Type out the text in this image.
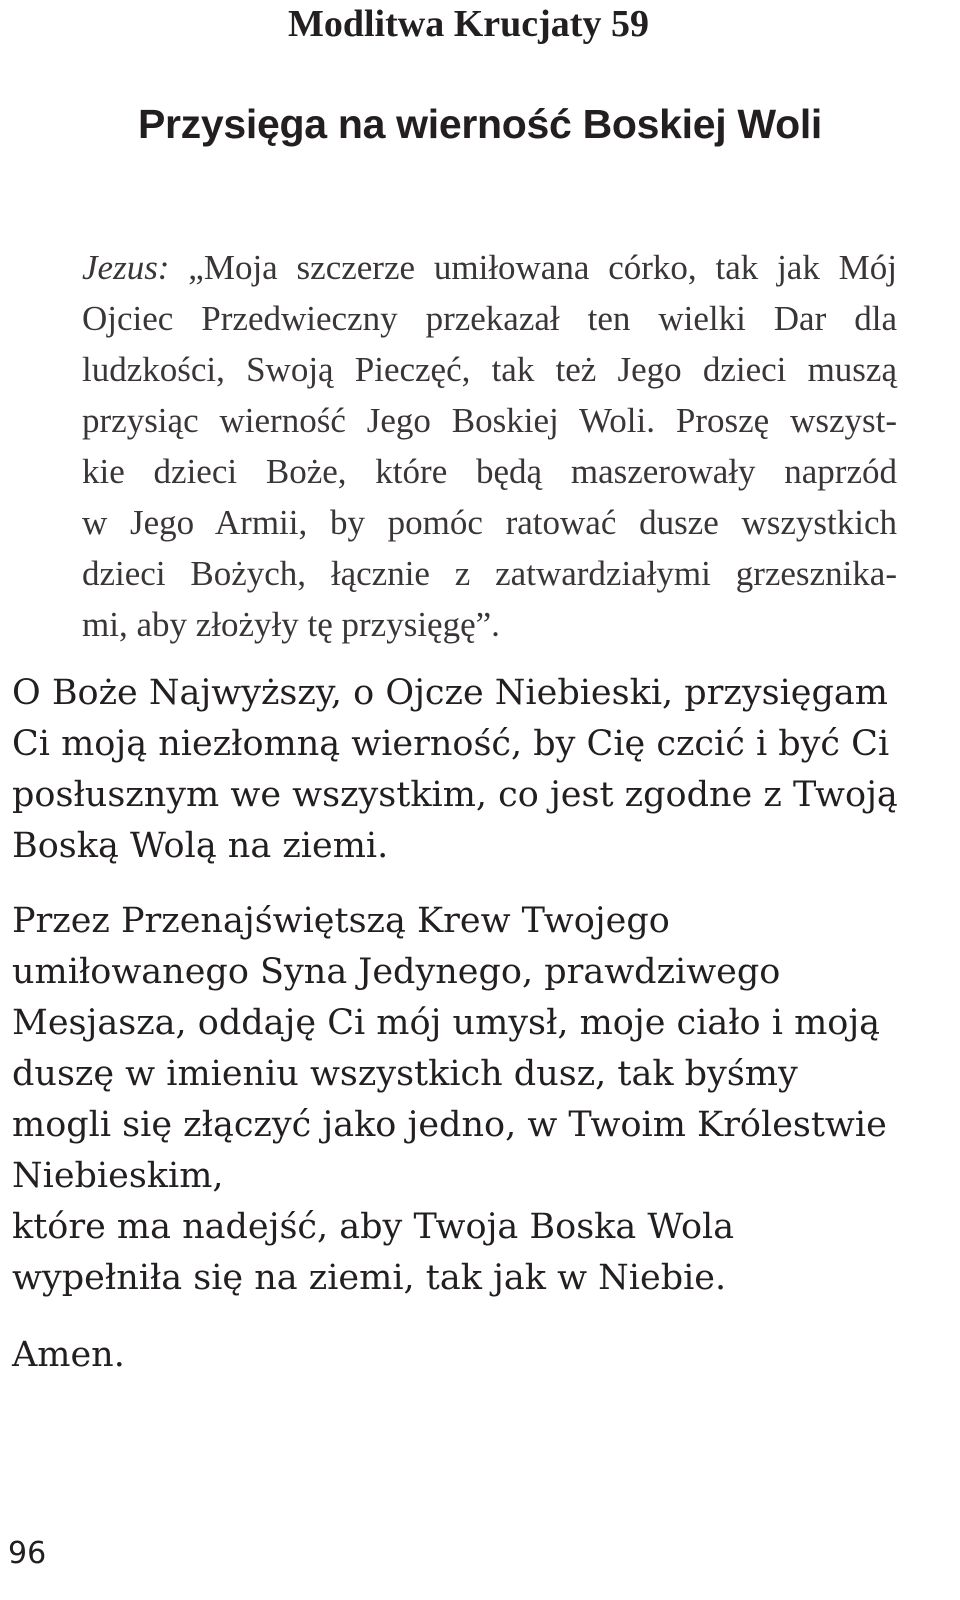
Modlitwa Krucjaty 59
Przysięga na wierność Boskiej Woli
Jezus: „Moja szczerze umiłowana córko, tak jak Mój
Ojciec Przedwieczny przekazał ten wielki Dar dla
ludzkości, Swoją Pieczęć, tak też Jego dzieci muszą
przysiąc wierność Jego Boskiej Woli. Proszę wszyst-
kie dzieci Boże, które będą maszerowały naprzód
w Jego Armii, by pomóc ratować dusze wszystkich
dzieci Bożych, łącznie z zatwardziałymi grzesznika-
mi, aby złożyły tę przysięgę”.
O Boże Najwyższy, o Ojcze Niebieski, przysięgam
Ci moją niezłomną wierność, by Cię czcić i być Ci
posłusznym we wszystkim, co jest zgodne z Twoją
Boską Wolą na ziemi.
Przez Przenajświętszą Krew Twojego
umiłowanego Syna Jedynego, prawdziwego
Mesjasza, oddaję Ci mój umysł, moje ciało i moją
duszę w imieniu wszystkich dusz, tak byśmy
mogli się złączyć jako jedno, w Twoim Królestwie
Niebieskim,
które ma nadejść, aby Twoja Boska Wola
wypełniła się na ziemi, tak jak w Niebie.
Amen.
96
